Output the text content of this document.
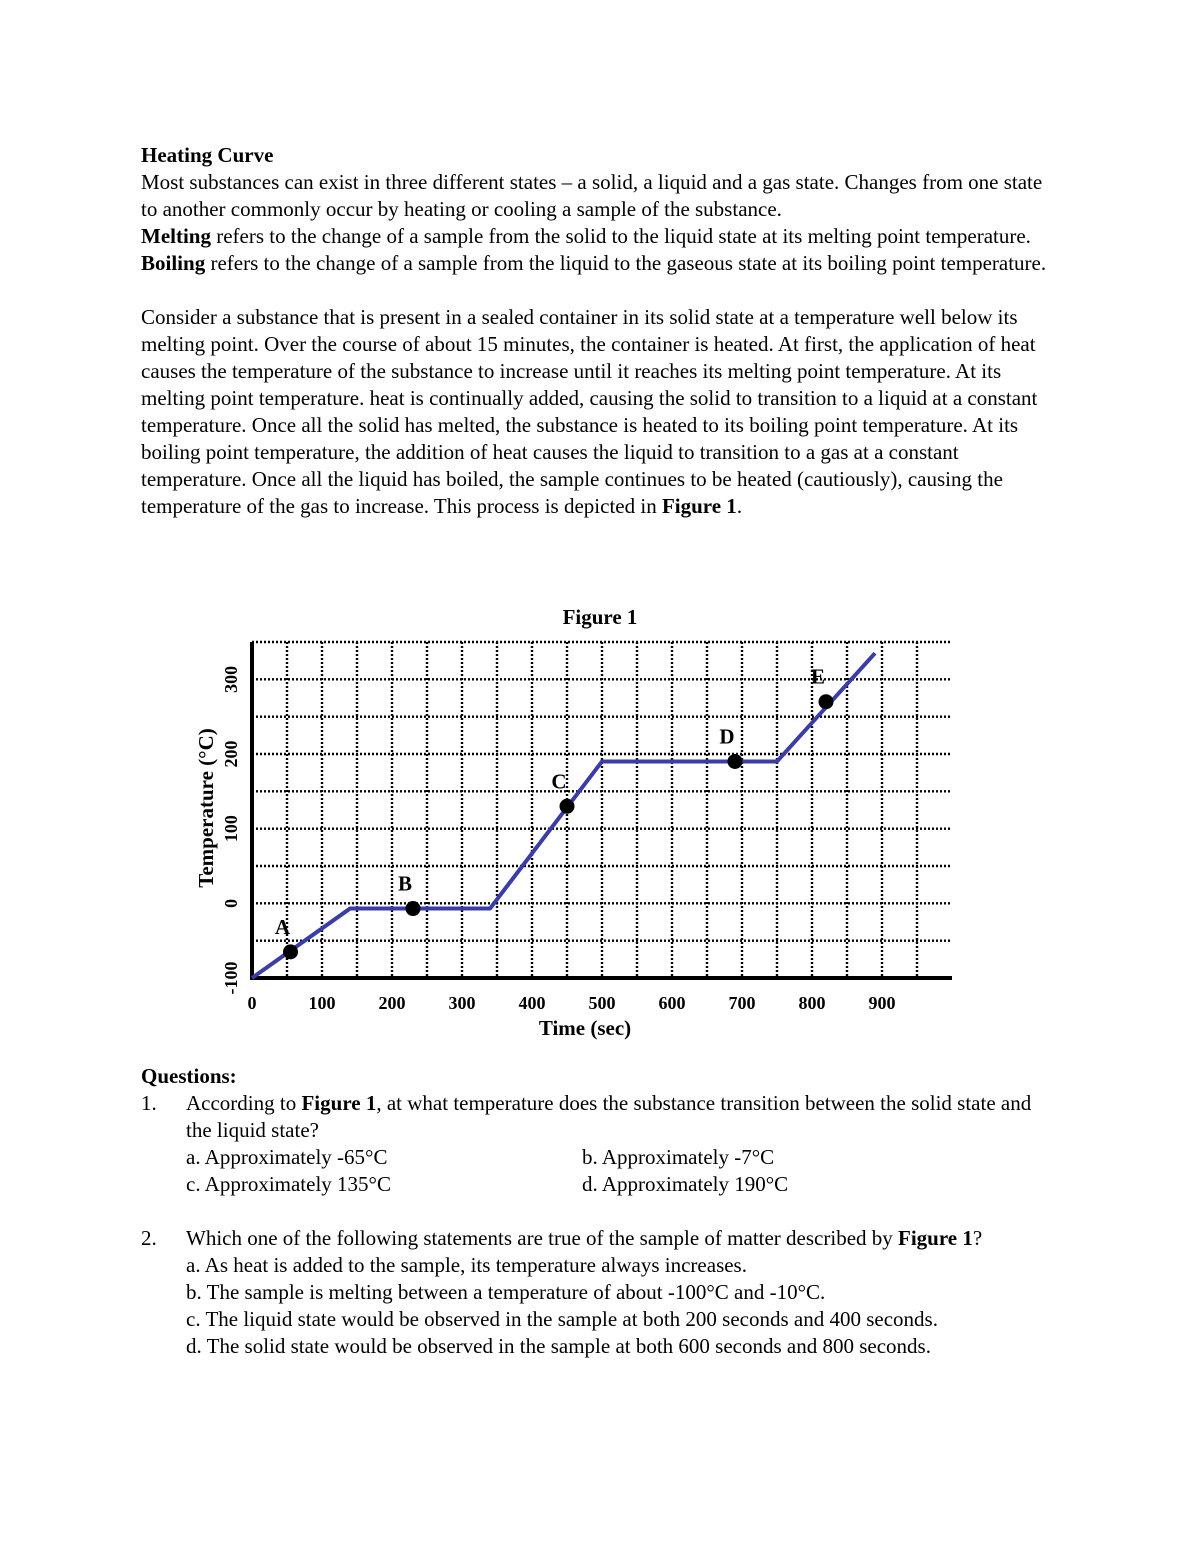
Heating Curve

Most substances can exist in three different states – a solid, a liquid and a gas state. Changes from one state to another commonly occur by heating or cooling a sample of the substance.
Melting refers to the change of a sample from the solid to the liquid state at its melting point temperature. Boiling refers to the change of a sample from the liquid to the gaseous state at its boiling point temperature.

Consider a substance that is present in a sealed container in its solid state at a temperature well below its melting point. Over the course of about 15 minutes, the container is heated. At first, the application of heat causes the temperature of the substance to increase until it reaches its melting point temperature. At its melting point temperature. heat is continually added, causing the solid to transition to a liquid at a constant temperature. Once all the solid has melted, the substance is heated to its boiling point temperature. At its boiling point temperature, the addition of heat causes the liquid to transition to a gas at a constant temperature. Once all the liquid has boiled, the sample continues to be heated (cautiously), causing the temperature of the gas to increase. This process is depicted in Figure 1.

Figure 1
0	100 200 300 400 500 600 700 800 900
-100
0
100
200
300
A
B
C
D
E
Time (sec)
Temperature (°C)

Questions:

1.	According to Figure 1, at what temperature does the substance transition between the solid state and the liquid state?
a. Approximately -65°C	b. Approximately -7°C
c. Approximately 135°C	d. Approximately 190°C
2.	Which one of the following statements are true of the sample of matter described by Figure 1?
a. As heat is added to the sample, its temperature always increases.
b. The sample is melting between a temperature of about -100°C and -10°C.
c. The liquid state would be observed in the sample at both 200 seconds and 400 seconds.
d. The solid state would be observed in the sample at both 600 seconds and 800 seconds.
